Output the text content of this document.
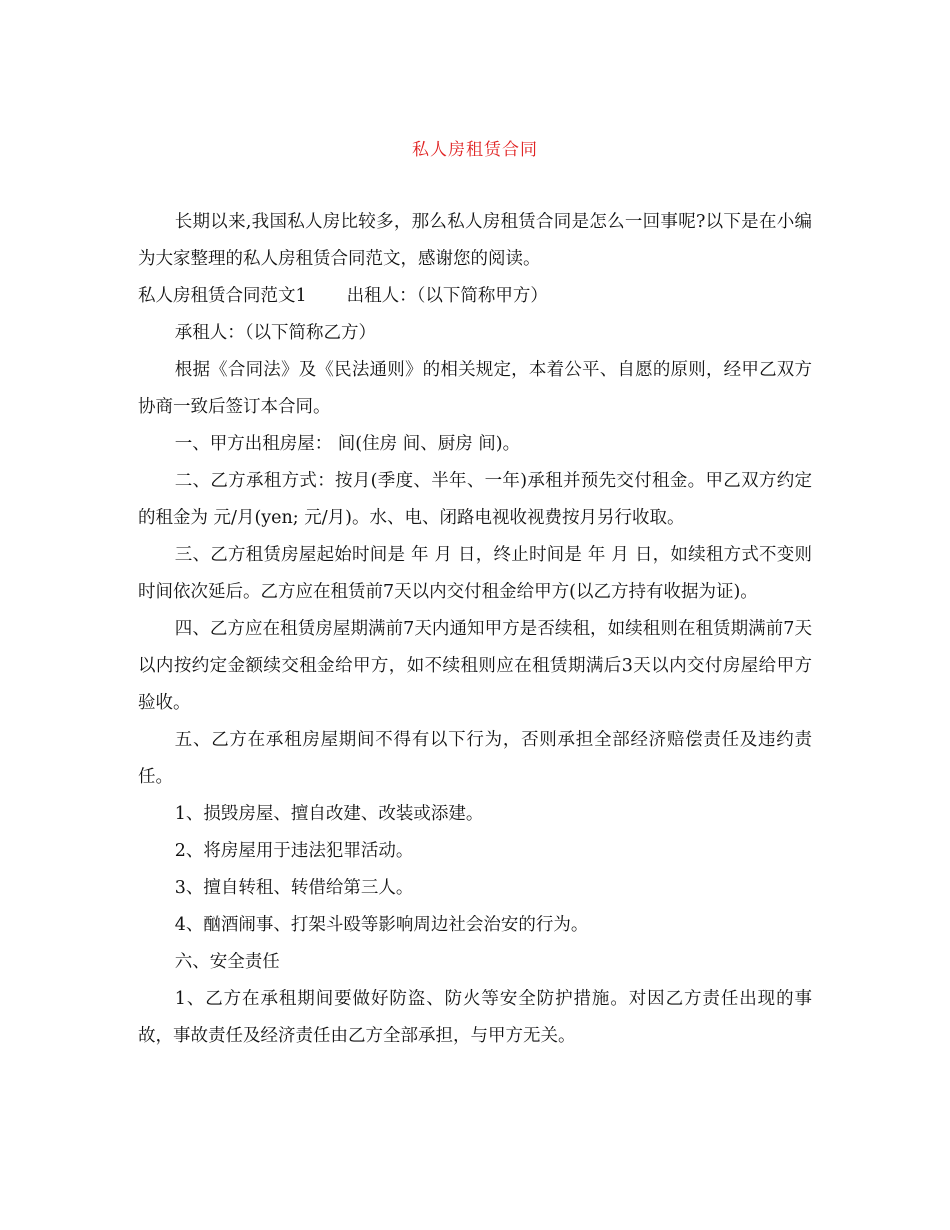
私人房租赁合同

长期以来,我国私人房比较多，那么私人房租赁合同是怎么一回事呢?以下是在小编为大家整理的私人房租赁合同范文，感谢您的阅读。

私人房租赁合同范文1 出租人：（以下简称甲方）

承租人：（以下简称乙方）

根据《合同法》及《民法通则》的相关规定，本着公平、自愿的原则，经甲乙双方协商一致后签订本合同。

一、甲方出租房屋： 间(住房 间、厨房 间)。

二、乙方承租方式：按月(季度、半年、一年)承租并预先交付租金。甲乙双方约定的租金为 元/月(yen; 元/月)。水、电、闭路电视收视费按月另行收取。

三、乙方租赁房屋起始时间是 年 月 日，终止时间是 年 月 日，如续租方式不变则时间依次延后。乙方应在租赁前7天以内交付租金给甲方(以乙方持有收据为证)。

四、乙方应在租赁房屋期满前7天内通知甲方是否续租，如续租则在租赁期满前7天以内按约定金额续交租金给甲方，如不续租则应在租赁期满后3天以内交付房屋给甲方验收。

五、乙方在承租房屋期间不得有以下行为，否则承担全部经济赔偿责任及违约责任。

1、损毁房屋、擅自改建、改装或添建。

2、将房屋用于违法犯罪活动。

3、擅自转租、转借给第三人。

4、酗酒闹事、打架斗殴等影响周边社会治安的行为。

六、安全责任

1、乙方在承租期间要做好防盗、防火等安全防护措施。对因乙方责任出现的事故，事故责任及经济责任由乙方全部承担，与甲方无关。
